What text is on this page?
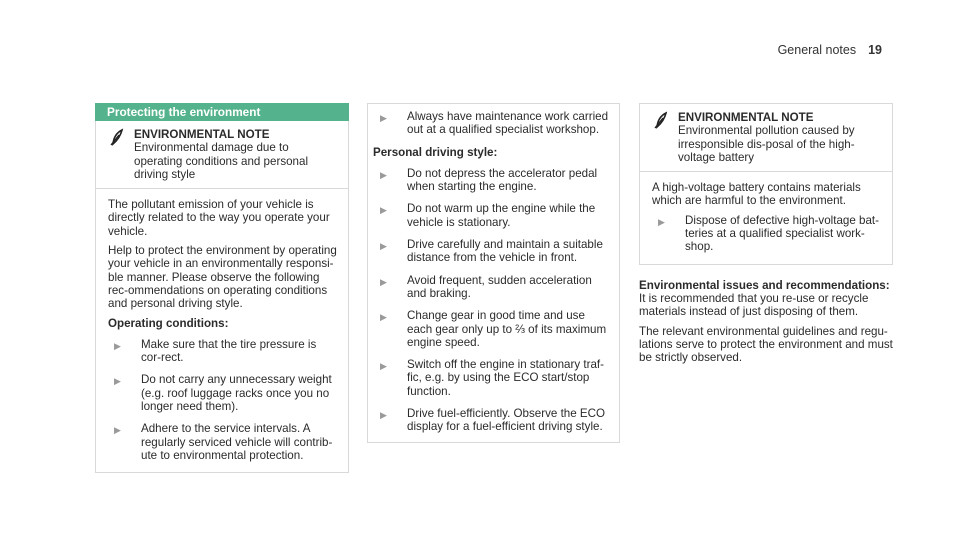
General notes 19
Protecting the environment
ENVIRONMENTAL NOTE Environmental damage due to operating conditions and personal driving style
The pollutant emission of your vehicle is directly related to the way you operate your vehicle.
Help to protect the environment by operating your vehicle in an environmentally responsi-ble manner. Please observe the following rec-ommendations on operating conditions and personal driving style.
Operating conditions:
▶	Make sure that the tire pressure is cor-rect.
▶	Do not carry any unnecessary weight (e.g. roof luggage racks once you no longer need them).
▶	Adhere to the service intervals. A regularly serviced vehicle will contrib-ute to environmental protection.
▶	Always have maintenance work carried out at a qualified specialist workshop.
Personal driving style:
▶	Do not depress the accelerator pedal when starting the engine.
▶	Do not warm up the engine while the vehicle is stationary.
▶	Drive carefully and maintain a suitable distance from the vehicle in front.
▶	Avoid frequent, sudden acceleration and braking.
▶	Change gear in good time and use each gear only up to ⅔ of its maximum engine speed.
▶	Switch off the engine in stationary traf-fic, e.g. by using the ECO start/stop function.
▶	Drive fuel-efficiently. Observe the ECO display for a fuel-efficient driving style.
ENVIRONMENTAL NOTE Environmental pollution caused by irresponsible dis-posal of the high-voltage battery
A high-voltage battery contains materials which are harmful to the environment.
▶	Dispose of defective high-voltage bat-teries at a qualified specialist work-shop.
Environmental issues and recommendations:
It is recommended that you re-use or recycle materials instead of just disposing of them.
The relevant environmental guidelines and regu-lations serve to protect the environment and must be strictly observed.
